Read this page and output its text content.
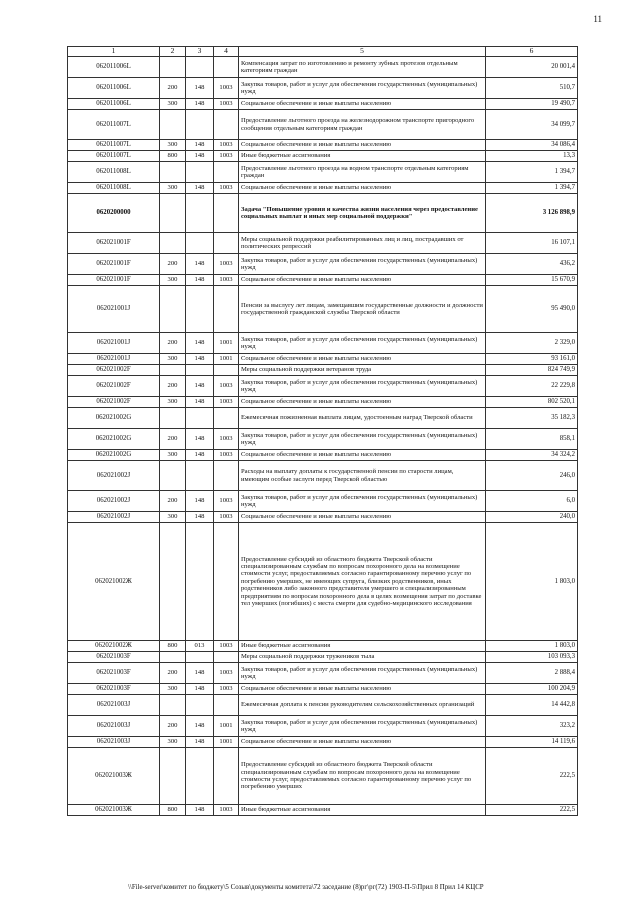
11
1	2	3	4	5	6
062011006L				Компенсация затрат по изготовлению и ремонту зубных протезов отдельным категориям граждан	20 001,4
062011006L	200	148	1003	Закупка товаров, работ и услуг для обеспечения государственных (муниципальных) нужд	510,7
062011006L	300	148	1003	Социальное обеспечение и иные выплаты населению	19 490,7
062011007L				Предоставление льготного проезда на железнодорожном транспорте пригородного сообщения отдельным категориям граждан	34 099,7
062011007L	300	148	1003	Социальное обеспечение и иные выплаты населению	34 086,4
062011007L	800	148	1003	Иные бюджетные ассигнования	13,3
062011008L				Предоставление льготного проезда на водном транспорте отдельным категориям граждан	1 394,7
062011008L	300	148	1003	Социальное обеспечение и иные выплаты населению	1 394,7
0620200000				Задача "Повышение уровня и качества жизни населения через предоставление социальных выплат и иных мер социальной поддержки"	3 126 898,9
062021001F				Меры социальной поддержки реабилитированных лиц и лиц, пострадавших от политических репрессий	16 107,1
062021001F	200	148	1003	Закупка товаров, работ и услуг для обеспечения государственных (муниципальных) нужд	436,2
062021001F	300	148	1003	Социальное обеспечение и иные выплаты населению	15 670,9
062021001J				Пенсии за выслугу лет лицам, замещавшим государственные должности и должности государственной гражданской службы Тверской области	95 490,0
062021001J	200	148	1001	Закупка товаров, работ и услуг для обеспечения государственных (муниципальных) нужд	2 329,0
062021001J	300	148	1001	Социальное обеспечение и иные выплаты населению	93 161,0
062021002F				Меры социальной поддержки ветеранов труда	824 749,9
062021002F	200	148	1003	Закупка товаров, работ и услуг для обеспечения государственных (муниципальных) нужд	22 229,8
062021002F	300	148	1003	Социальное обеспечение и иные выплаты населению	802 520,1
062021002G				Ежемесячная пожизненная выплата лицам, удостоенным наград Тверской области	35 182,3
062021002G	200	148	1003	Закупка товаров, работ и услуг для обеспечения государственных (муниципальных) нужд	858,1
062021002G	300	148	1003	Социальное обеспечение и иные выплаты населению	34 324,2
062021002J				Расходы на выплату доплаты к государственной пенсии по старости лицам, имеющим особые заслуги перед Тверской областью	246,0
062021002J	200	148	1003	Закупка товаров, работ и услуг для обеспечения государственных (муниципальных) нужд	6,0
062021002J	300	148	1003	Социальное обеспечение и иные выплаты населению	240,0
062021002Ж				Предоставление субсидий из областного бюджета Тверской области специализированным службам по вопросам похоронного дела на возмещение стоимости услуг, предоставляемых согласно гарантированному перечню услуг по погребению умерших, не имеющих супруга, близких родственников, иных родственников либо законного представителя умершего и специализированным предприятиям по вопросам похоронного дела в целях возмещения затрат по доставке тел умерших (погибших) с места смерти для судебно-медицинского исследования	1 803,0
062021002Ж	800	013	1003	Иные бюджетные ассигнования	1 803,0
062021003F				Меры социальной поддержки тружеников тыла	103 093,3
062021003F	200	148	1003	Закупка товаров, работ и услуг для обеспечения государственных (муниципальных) нужд	2 888,4
062021003F	300	148	1003	Социальное обеспечение и иные выплаты населению	100 204,9
062021003J				Ежемесячная доплата к пенсии руководителям сельскохозяйственных организаций	14 442,8
062021003J	200	148	1001	Закупка товаров, работ и услуг для обеспечения государственных (муниципальных) нужд	323,2
062021003J	300	148	1001	Социальное обеспечение и иные выплаты населению	14 119,6
062021003Ж				Предоставление субсидий из областного бюджета Тверской области специализированным службам по вопросам похоронного дела на возмещение стоимости услуг, предоставляемых согласно гарантированному перечню услуг по погребению умерших	222,5
062021003Ж	800	148	1003	Иные бюджетные ассигнования	222,5
\\File-server\комитет по бюджету\5 Созыв\документы комитета\72 заседание (8)рг\рг(72) 1903-П-5\Прил 8 Прил 14 КЦСР
